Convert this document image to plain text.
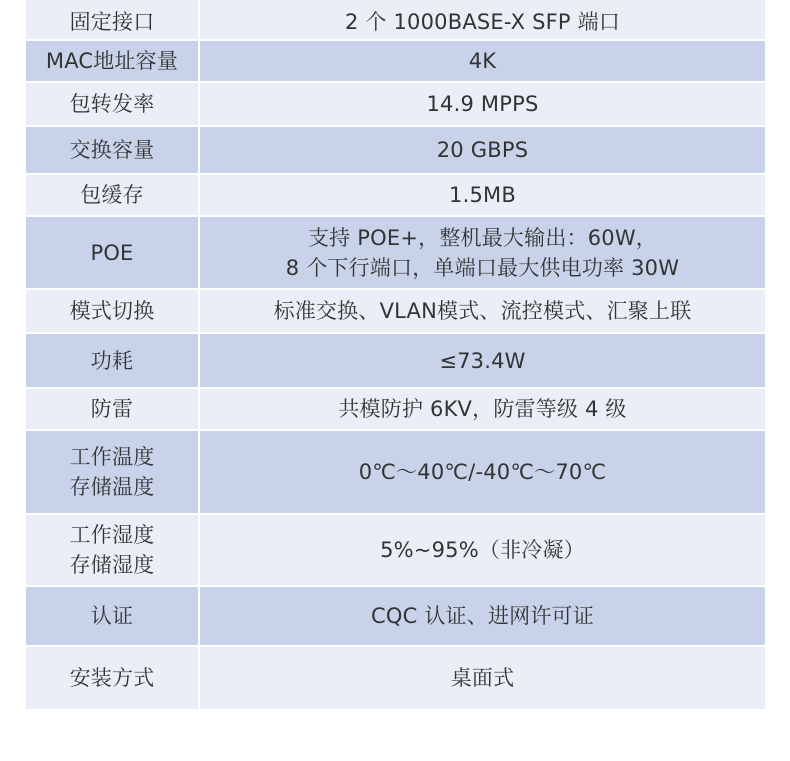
固定接口	2 个 1000BASE-X SFP 端口

MAC地址容量	4K

包转发率	14.9 MPPS

交换容量	20 GBPS

包缓存	1.5MB

POE	支持 POE+，整机最大输出：60W，
8 个下行端口，单端口最大供电功率 30W

模式切换	标准交换、VLAN模式、流控模式、汇聚上联

功耗	≤73.4W

防雷	共模防护 6KV，防雷等级 4 级

工作温度
存储温度	0℃～40℃/-40℃～70℃

工作湿度
存储湿度	5%~95%（非冷凝）

认证	CQC 认证、进网许可证

安装方式	桌面式
